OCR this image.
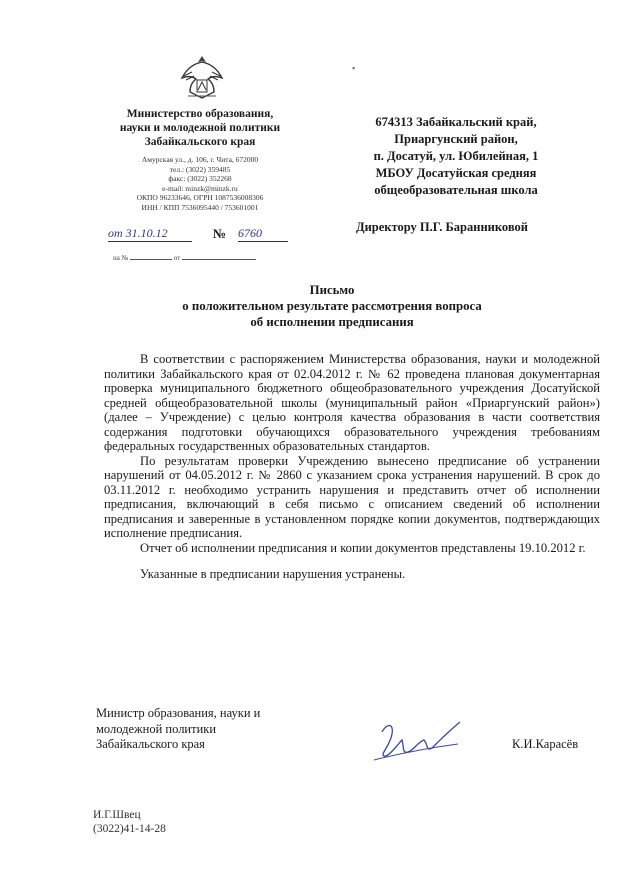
▪
Министерство образования,
науки и молодежной политики
Забайкальского края
Амурская ул., д. 106, г. Чита, 672000
тел.: (3022) 359485
факс: (3022) 352268
e-mail: minzk@minzk.ru
ОКПО 96233646, ОГРН 1087536008306
ИНН / КПП 7536095440 / 753601001
от 31.10.12	№ 6760
на №	от
674313 Забайкальский край,
Приаргунский район,
п. Досатуй, ул. Юбилейная, 1
МБОУ Досатуйская средняя
общеобразовательная школа
Директору П.Г. Баранниковой
Письмо
о положительном результате рассмотрения вопроса
об исполнении предписания

В соответствии с распоряжением Министерства образования, науки и молодежной политики Забайкальского края от 02.04.2012 г. № 62 проведена плановая документарная проверка муниципального бюджетного общеобразовательного учреждения Досатуйской средней общеобразовательной школы (муниципальный район «Приаргунский район») (далее – Учреждение) с целью контроля качества образования в части соответствия содержания подготовки обучающихся образовательного учреждения требованиям федеральных государственных образовательных стандартов.

По результатам проверки Учреждению вынесено предписание об устранении нарушений от 04.05.2012 г. № 2860 с указанием срока устранения нарушений. В срок до 03.11.2012 г. необходимо устранить нарушения и представить отчет об исполнении предписания, включающий в себя письмо с описанием сведений об исполнении предписания и заверенные в установленном порядке копии документов, подтверждающих исполнение предписания.

Отчет об исполнении предписания и копии документов представлены 19.10.2012 г.

Указанные в предписании нарушения устранены.

Министр образования, науки и
молодежной политики
Забайкальского края	К.И.Карасёв
И.Г.Швец
(3022)41-14-28
